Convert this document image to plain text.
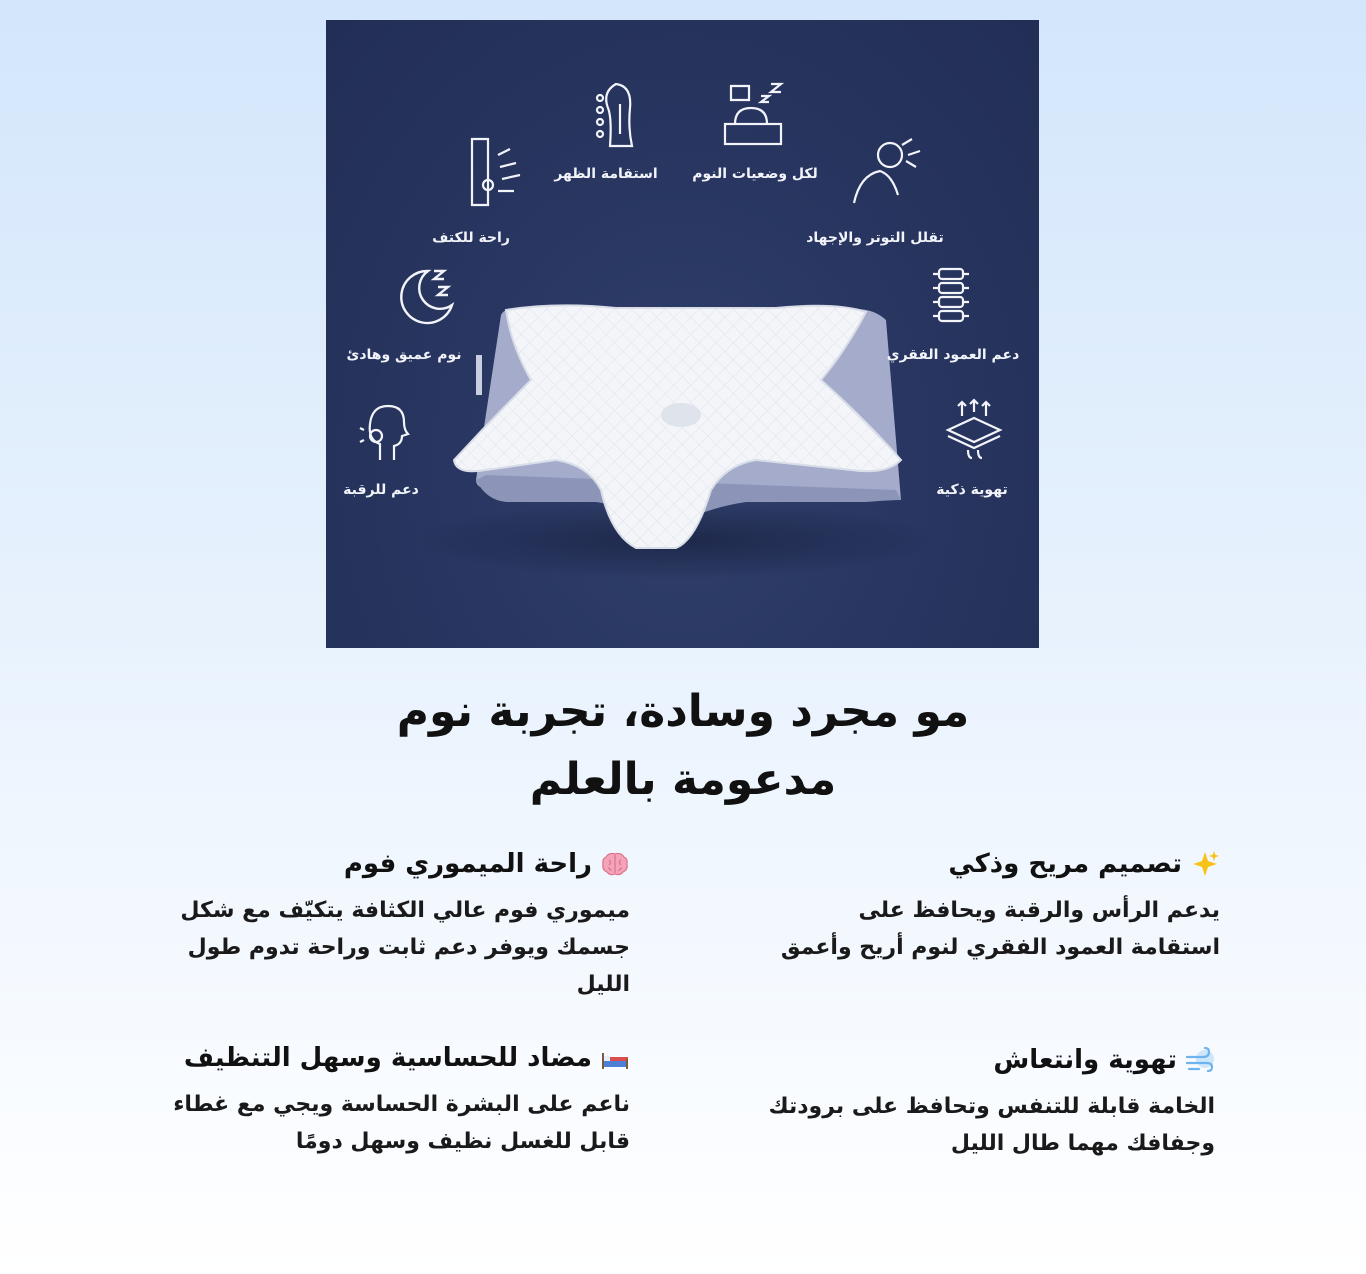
لكل وضعيات النوم
استقامة الظهر
راحة للكتف	تقلل التوتر والإجهاد
نوم عميق وهادئ	دعم العمود الفقري
دعم للرقبة	تهوية ذكية
مو مجرد وسادة، تجربة نوم
مدعومة بالعلم
تصميم مريح وذكي
يدعم الرأس والرقبة ويحافظ على استقامة العمود الفقري لنوم أريح وأعمق
راحة الميموري فوم
ميموري فوم عالي الكثافة يتكيّف مع شكل جسمك ويوفر دعم ثابت وراحة تدوم طول الليل
تهوية وانتعاش
الخامة قابلة للتنفس وتحافظ على برودتك وجفافك مهما طال الليل
مضاد للحساسية وسهل التنظيف
ناعم على البشرة الحساسة ويجي مع غطاء قابل للغسل نظيف وسهل دومًا
